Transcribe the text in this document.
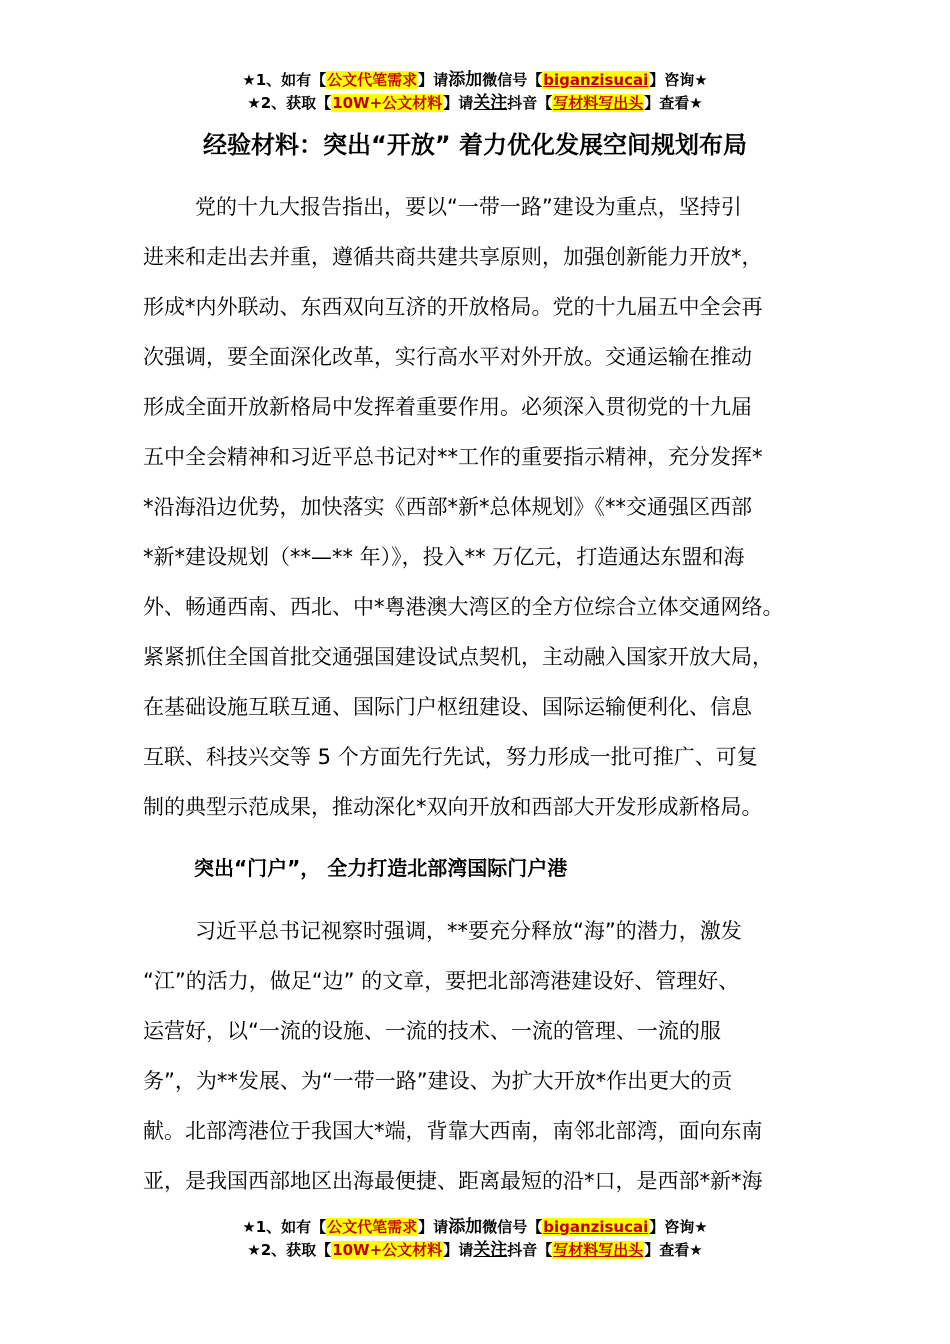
★1、如有【公文代笔需求】请添加微信号【biganzisucai】咨询★
★2、获取【10W+公文材料】请关注抖音【写材料写出头】查看★
经验材料：突出“开放” 着力优化发展空间规划布局
党的十九大报告指出，要以“一带一路”建设为重点，坚持引
进来和走出去并重，遵循共商共建共享原则，加强创新能力开放*，
形成*内外联动、东西双向互济的开放格局。党的十九届五中全会再
次强调，要全面深化改革，实行高水平对外开放。交通运输在推动
形成全面开放新格局中发挥着重要作用。必须深入贯彻党的十九届
五中全会精神和习近平总书记对**工作的重要指示精神，充分发挥*
*沿海沿边优势，加快落实《西部*新*总体规划》《**交通强区西部
*新*建设规划（**—** 年）》，投入** 万亿元，打造通达东盟和海
外、畅通西南、西北、中*粤港澳大湾区的全方位综合立体交通网络。
紧紧抓住全国首批交通强国建设试点契机，主动融入国家开放大局，
在基础设施互联互通、国际门户枢纽建设、国际运输便利化、信息
互联、科技兴交等 5 个方面先行先试，努力形成一批可推广、可复
制的典型示范成果，推动深化*双向开放和西部大开发形成新格局。
突出“门户”， 全力打造北部湾国际门户港
习近平总书记视察时强调，**要充分释放“海”的潜力，激发
“江”的活力，做足“边” 的文章，要把北部湾港建设好、管理好、
运营好，以“一流的设施、一流的技术、一流的管理、一流的服
务”，为**发展、为“一带一路”建设、为扩大开放*作出更大的贡
献。北部湾港位于我国大*端，背靠大西南，南邻北部湾，面向东南
亚，是我国西部地区出海最便捷、距离最短的沿*口，是西部*新*海
★1、如有【公文代笔需求】请添加微信号【biganzisucai】咨询★
★2、获取【10W+公文材料】请关注抖音【写材料写出头】查看★
